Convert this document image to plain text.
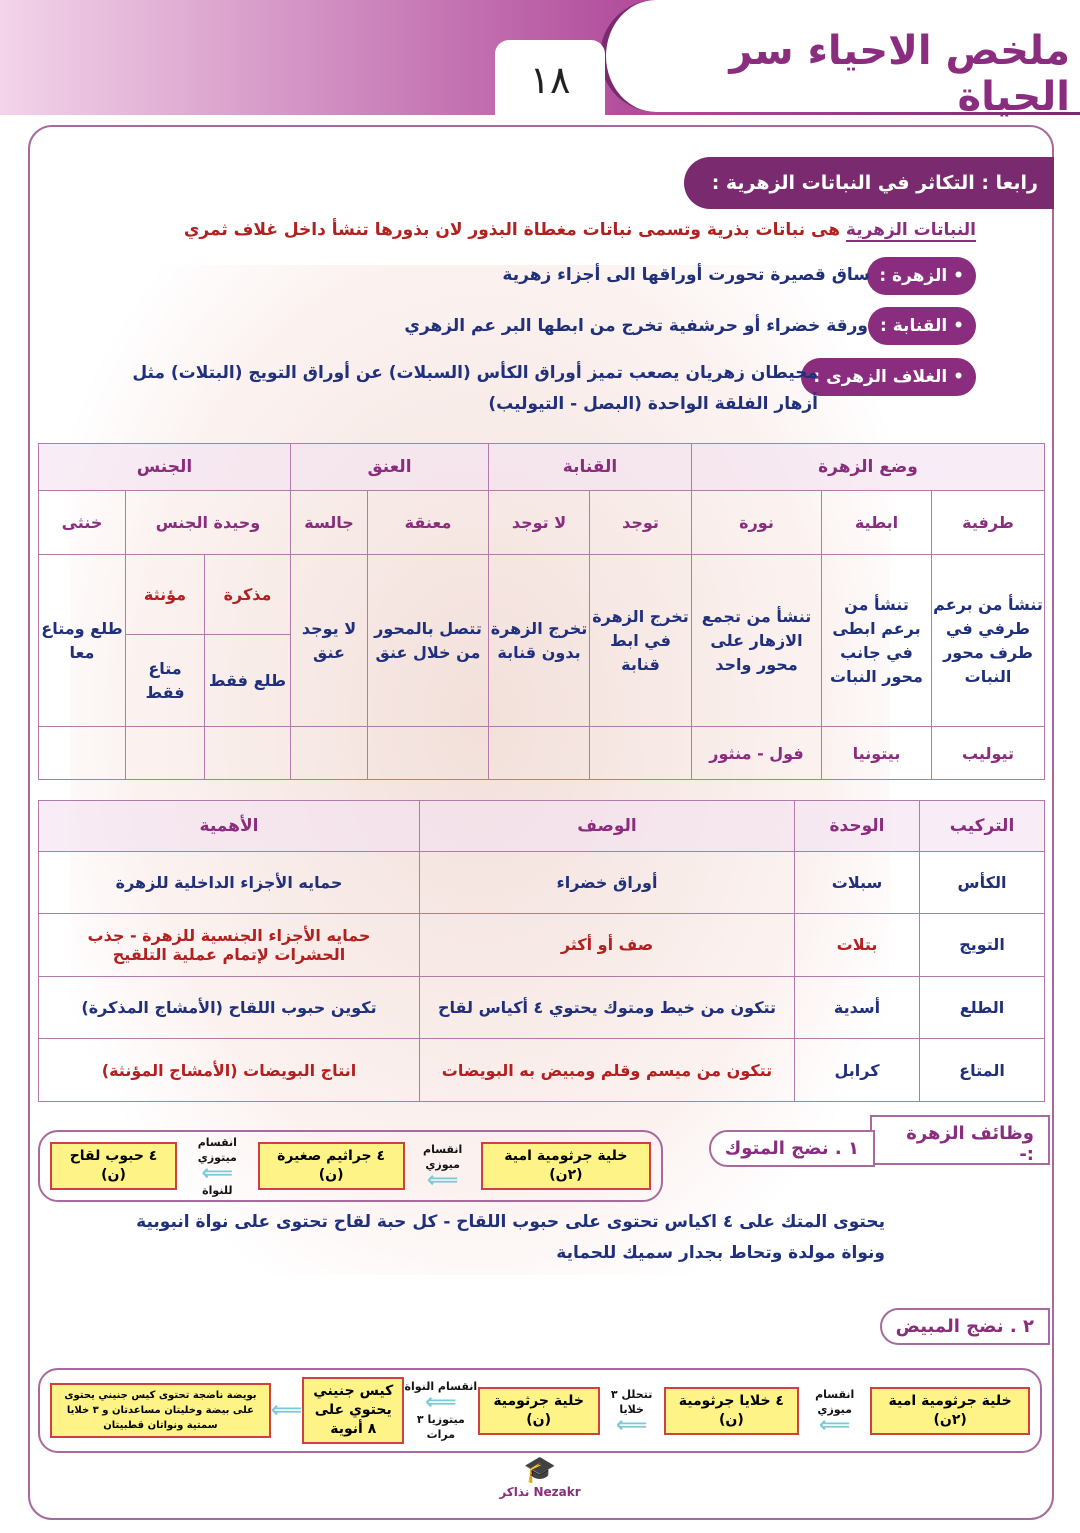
ملخص الاحياء سر الحياة
١٨
رابعا : التكاثر في النباتات الزهرية :
النباتات الزهرية هى نباتات بذرية وتسمى نباتات مغطاة البذور لان بذورها تنشأ داخل غلاف ثمري
• الزهرة :
ساق قصيرة تحورت أوراقها الى أجزاء زهرية
• القنابة :
ورقة خضراء أو حرشفية تخرج من ابطها البر عم الزهري
• الغلاف الزهرى :
محيطان زهريان يصعب تميز أوراق الكأس (السبلات) عن أوراق التويج (البتلات) مثل
أزهار الفلقة الواحدة (البصل - التيوليب)
وضع الزهرة			القنابة		العنق		الجنس		
طرفية	ابطية	نورة	توجد	لا توجد	معنقة	جالسة	وحيدة الجنس		خنثى
تنشأ من برعم طرفي في طرف محور النبات	تنشأ من برعم ابطى في جانب محور النبات	تنشأ من تجمع الازهار على محور واحد	تخرج الزهرة في ابط قنابة	تخرج الزهرة بدون قنابة	تتصل بالمحور من خلال عنق	لا يوجد عنق	مذكرة	مؤنثة	طلع ومتاع معا
							طلع فقط	متاع فقط	
تيوليب	بيتونيا	فول - منثور							
التركيب	الوحدة	الوصف	الأهمية
الكأس	سبلات	أوراق خضراء	حمايه الأجزاء الداخلية للزهرة
التويج	بتلات	صف أو أكثر	حمايه الأجزاء الجنسية للزهرة - جذب الحشرات لإتمام عملية التلقيح
الطلع	أسدية	تتكون من خيط ومتوك يحتوي ٤ أكياس لقاح	تكوين حبوب اللقاح (الأمشاج المذكرة)
المتاع	كرابل	تتكون من ميسم وقلم ومبيض به البويضات	انتاج البويضات (الأمشاج المؤنثة)
وظائف الزهرة :-
١ . نضج المتوك
خلية جرثومية امية (٢ن)
انقسام ميوزي
⟸
٤ جراثيم صغيرة (ن)
انقسام ميتوزي
⟸
للنواة
٤ حبوب لقاح (ن)
يحتوى المتك على ٤ اكياس تحتوى على حبوب اللقاح - كل حبة لقاح تحتوى على نواة انبوبية
ونواة مولدة وتحاط بجدار سميك للحماية
٢ . نضج المبيض
خلية جرثومية امية (٢ن)
انقسام ميوزي
⟸
٤ خلايا جرثومية (ن)
تتحلل ٣ خلايا
⟸
خلية جرثومية (ن)
انقسام النواة
⟸
ميتوزيا ٣ مرات
كيس جنيني يحتوي على ٨ أنوية
⟸
بويضة ناضجة تحتوى كيس جنيني يحتوى على بيضة وخليتان مساعدتان و ٣ خلايا سمتية ونواتان قطبيتان
🎓
Nezakr نذاكر
